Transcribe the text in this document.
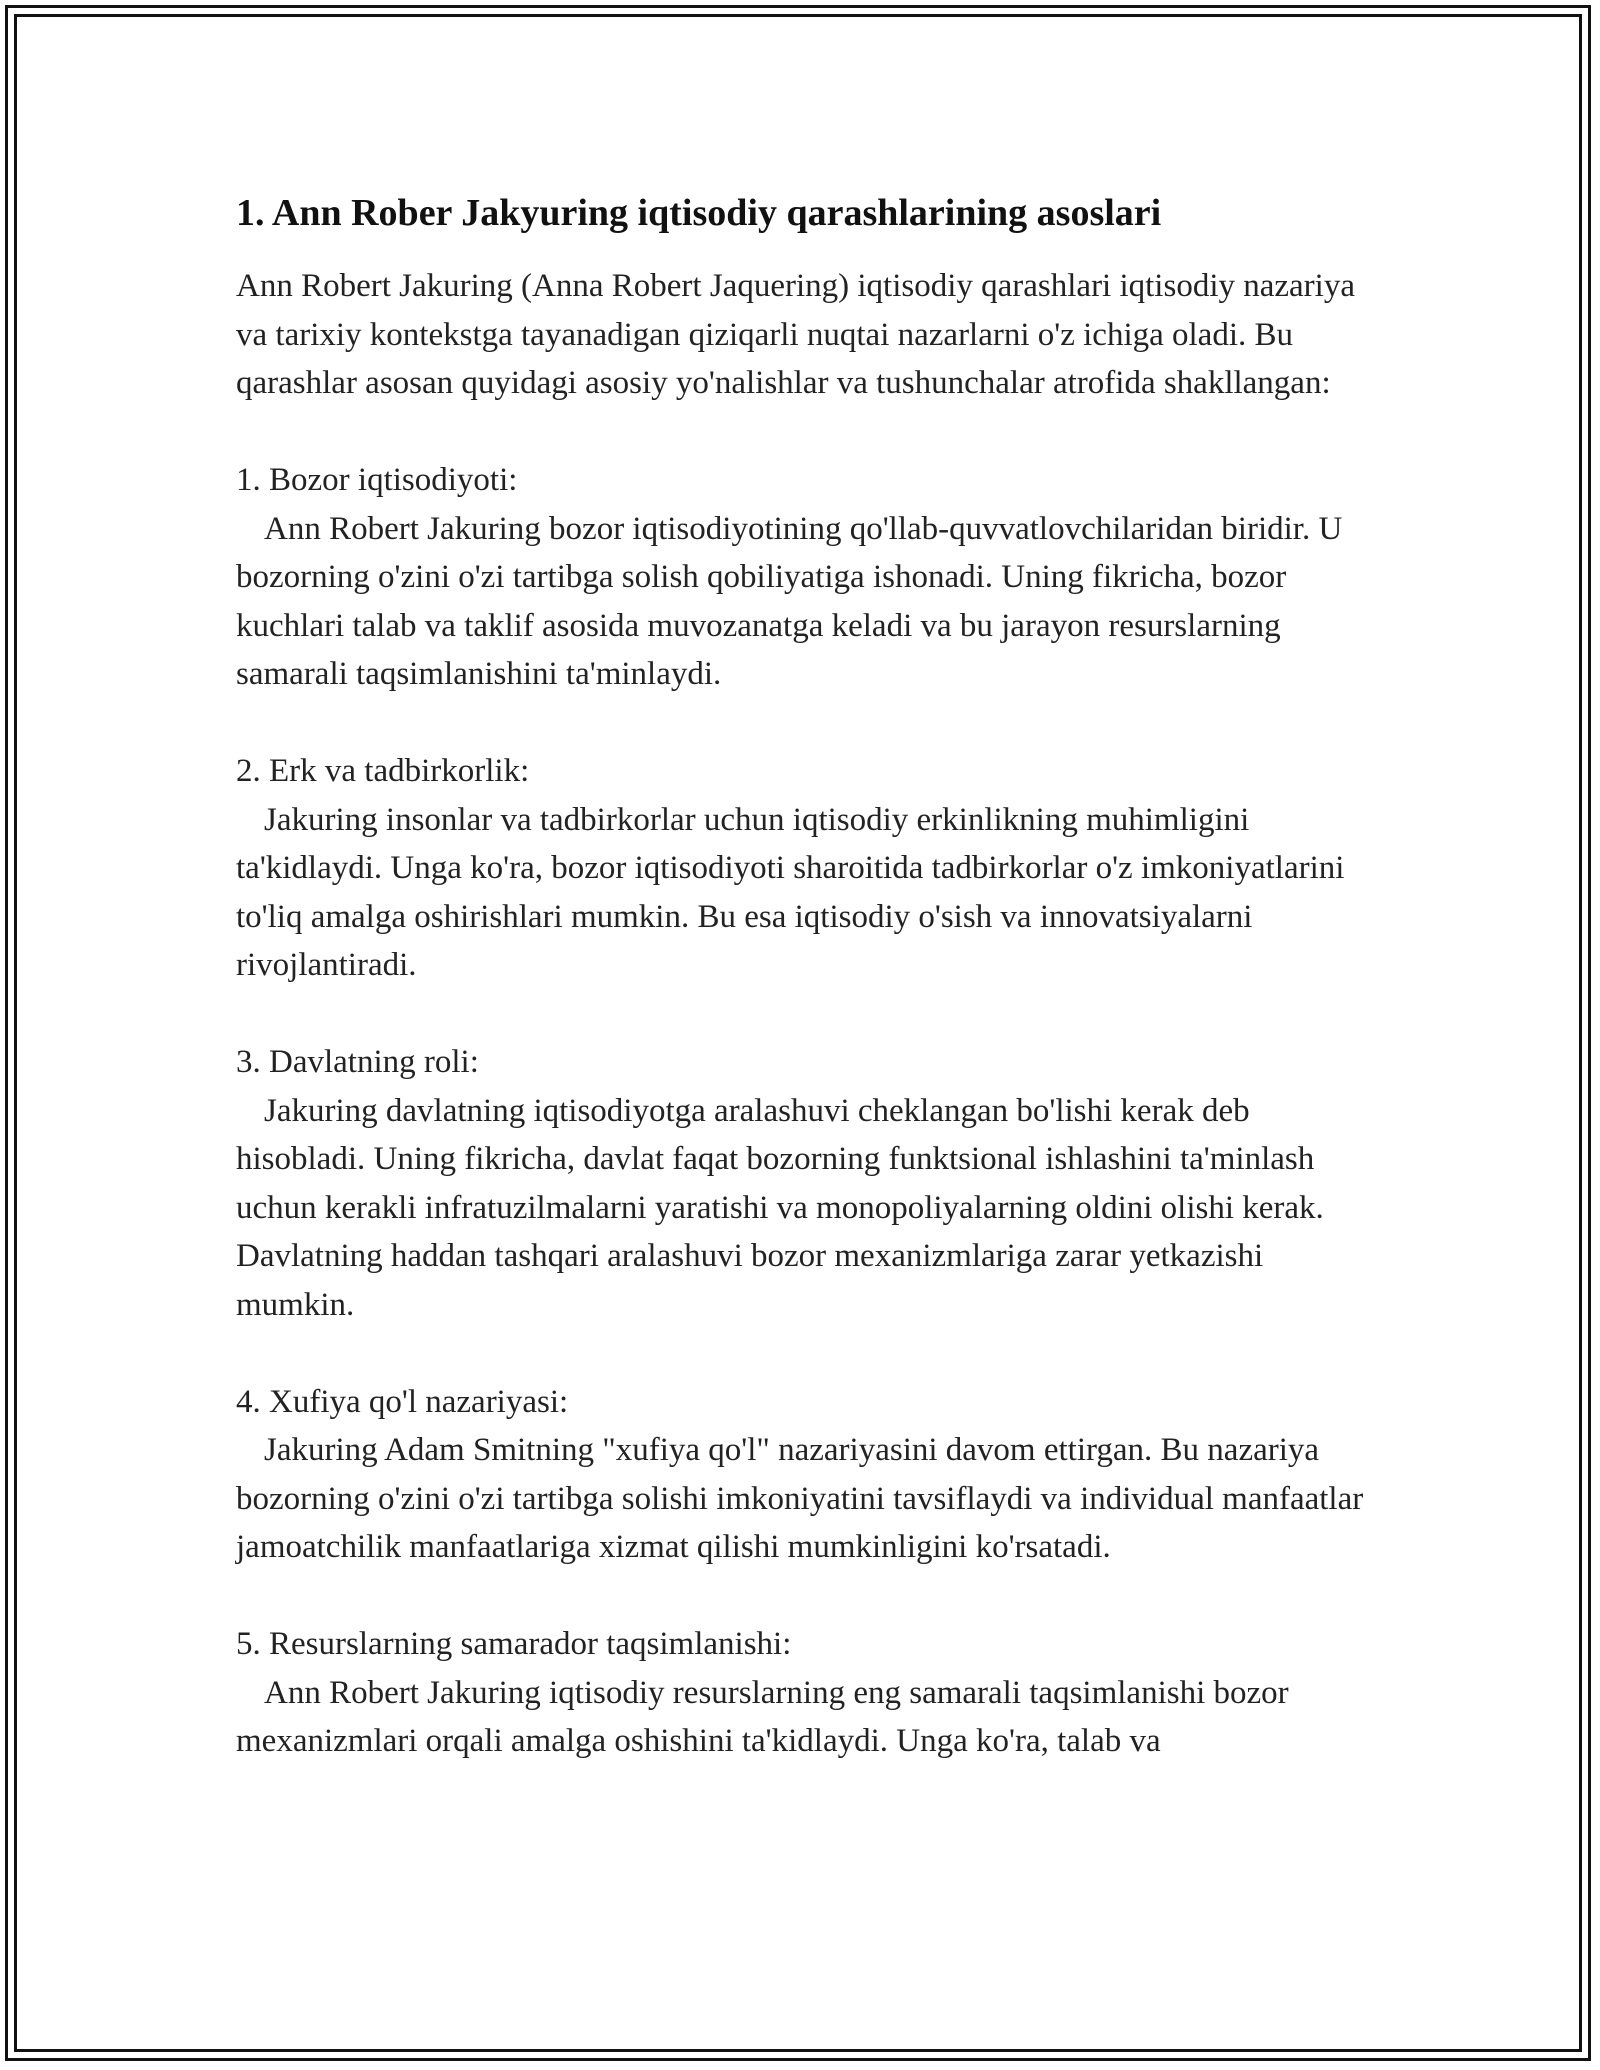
1. Ann Rober Jakyuring iqtisodiy qarashlarining asoslari

Ann Robert Jakuring (Anna Robert Jaquering) iqtisodiy qarashlari iqtisodiy nazariya va tarixiy kontekstga tayanadigan qiziqarli nuqtai nazarlarni o'z ichiga oladi. Bu qarashlar asosan quyidagi asosiy yo'nalishlar va tushunchalar atrofida shakllangan:

1. Bozor iqtisodiyoti:

Ann Robert Jakuring bozor iqtisodiyotining qo'llab-quvvatlovchilaridan biridir. U bozorning o'zini o'zi tartibga solish qobiliyatiga ishonadi. Uning fikricha, bozor kuchlari talab va taklif asosida muvozanatga keladi va bu jarayon resurslarning samarali taqsimlanishini ta'minlaydi.

2. Erk va tadbirkorlik:

Jakuring insonlar va tadbirkorlar uchun iqtisodiy erkinlikning muhimligini ta'kidlaydi. Unga ko'ra, bozor iqtisodiyoti sharoitida tadbirkorlar o'z imkoniyatlarini to'liq amalga oshirishlari mumkin. Bu esa iqtisodiy o'sish va innovatsiyalarni rivojlantiradi.

3. Davlatning roli:

Jakuring davlatning iqtisodiyotga aralashuvi cheklangan bo'lishi kerak deb hisobladi. Uning fikricha, davlat faqat bozorning funktsional ishlashini ta'minlash uchun kerakli infratuzilmalarni yaratishi va monopoliyalarning oldini olishi kerak. Davlatning haddan tashqari aralashuvi bozor mexanizmlariga zarar yetkazishi mumkin.

4. Xufiya qo'l nazariyasi:

Jakuring Adam Smitning "xufiya qo'l" nazariyasini davom ettirgan. Bu nazariya bozorning o'zini o'zi tartibga solishi imkoniyatini tavsiflaydi va individual manfaatlar jamoatchilik manfaatlariga xizmat qilishi mumkinligini ko'rsatadi.

5. Resurslarning samarador taqsimlanishi:

Ann Robert Jakuring iqtisodiy resurslarning eng samarali taqsimlanishi bozor mexanizmlari orqali amalga oshishini ta'kidlaydi. Unga ko'ra, talab va
